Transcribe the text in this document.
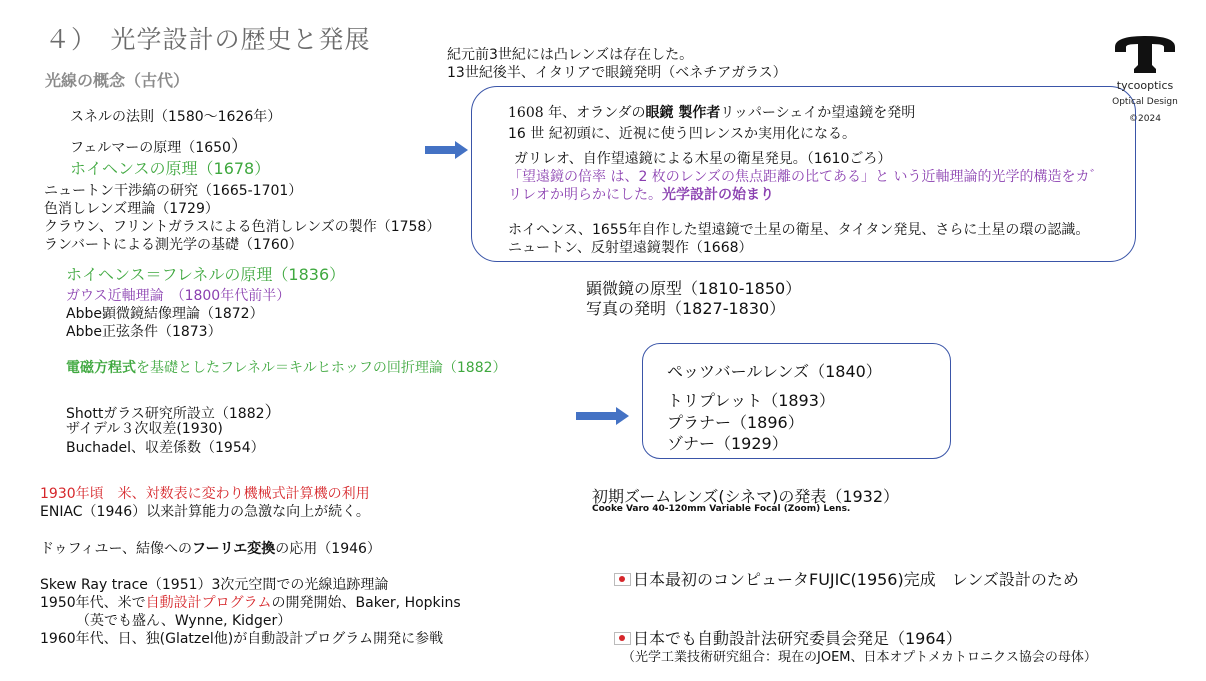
４）　光学設計の歴史と発展
光線の概念（古代）
スネルの法則（1580〜1626年）
フェルマーの原理（1650）
ホイヘンスの原理（1678）
ニュートン干渉縞の研究（1665-1701）
色消しレンズ理論（1729）
クラウン、フリントガラスによる色消しレンズの製作（1758）
ランバートによる測光学の基礎（1760）
ホイヘンス＝フレネルの原理（1836）
ガウス近軸理論　（1800年代前半）
Abbe顕微鏡結像理論（1872）
Abbe正弦条件（1873）
電磁方程式を基礎としたフレネル＝キルヒホッフの回折理論（1882）
Shottガラス研究所設立（1882）
ザイデル３次収差(1930)
Buchadel、収差係数（1954）
1930年頃　米、対数表に変わり機械式計算機の利用
ENIAC（1946）以来計算能力の急激な向上が続く。
ドゥフィユー、結像へのフーリエ変換の応用（1946）
Skew Ray trace（1951）3次元空間での光線追跡理論
1950年代、米で自動設計プログラムの開発開始、Baker, Hopkins
（英でも盛ん、Wynne, Kidger）
1960年代、日、独(Glatzel他)が自動設計プログラム開発に参戦
紀元前3世紀には凸レンズは存在した。
13世紀後半、イタリアで眼鏡発明（ベネチアガラス）
1608 年、オランダの眼鏡 製作者リッパーシェイか望遠鏡を発明
16 世 紀初頭に、近視に使う凹レンスか実用化になる。
ガリレオ、自作望遠鏡による木星の衛星発見。（1610ごろ）
「望遠鏡の倍率 は、2 枚のレンズの焦点距離の比てある」と いう近軸理論的光学的構造をカ゛
リレオか明らかにした。光学設計の始まり
ホイヘンス、1655年自作した望遠鏡で土星の衛星、タイタン発見、さらに土星の環の認識。
ニュートン、反射望遠鏡製作（1668）
顕微鏡の原型（1810-1850）
写真の発明（1827-1830）
ペッツバールレンズ（1840）
トリプレット（1893）
プラナー（1896）
ゾナー（1929）
初期ズームレンズ(シネマ)の発表（1932）
Cooke Varo 40-120mm Variable Focal (Zoom) Lens.
日本最初のコンピュータFUJIC(1956)完成　レンズ設計のため
日本でも自動設計法研究委員会発足（1964）
（光学工業技術研究組合：現在のJOEM、日本オプトメカトロニクス協会の母体）
tycooptics
Optical Design
©2024
